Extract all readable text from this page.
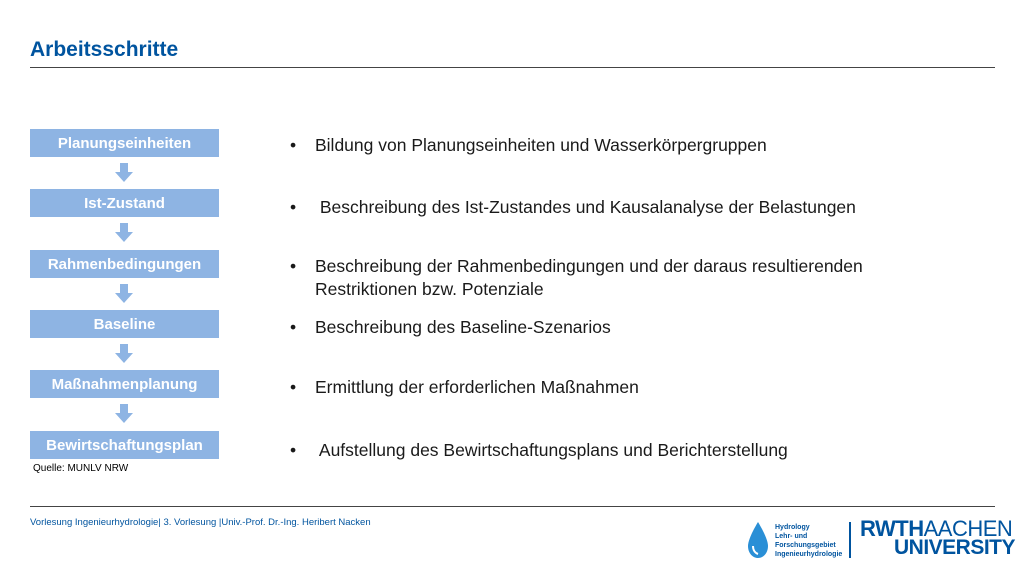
Arbeitsschritte
Planungseinheiten
Ist-Zustand
Rahmenbedingungen
Baseline
Maßnahmenplanung
Bewirtschaftungsplan
Quelle: MUNLV NRW
• Bildung von Planungseinheiten und Wasserkörpergruppen
• Beschreibung des Ist-Zustandes und Kausalanalyse der Belastungen
• Beschreibung der Rahmenbedingungen und der daraus resultierenden Restriktionen bzw. Potenziale
• Beschreibung des Baseline-Szenarios
• Ermittlung der erforderlichen Maßnahmen
• Aufstellung des Bewirtschaftungsplans und Berichterstellung
Vorlesung Ingenieurhydrologie| 3. Vorlesung |Univ.-Prof. Dr.-Ing. Heribert Nacken	Hydrology
Lehr- und
Forschungsgebiet
Ingenieurhydrologie
RWTHAACHEN
UNIVERSITY
